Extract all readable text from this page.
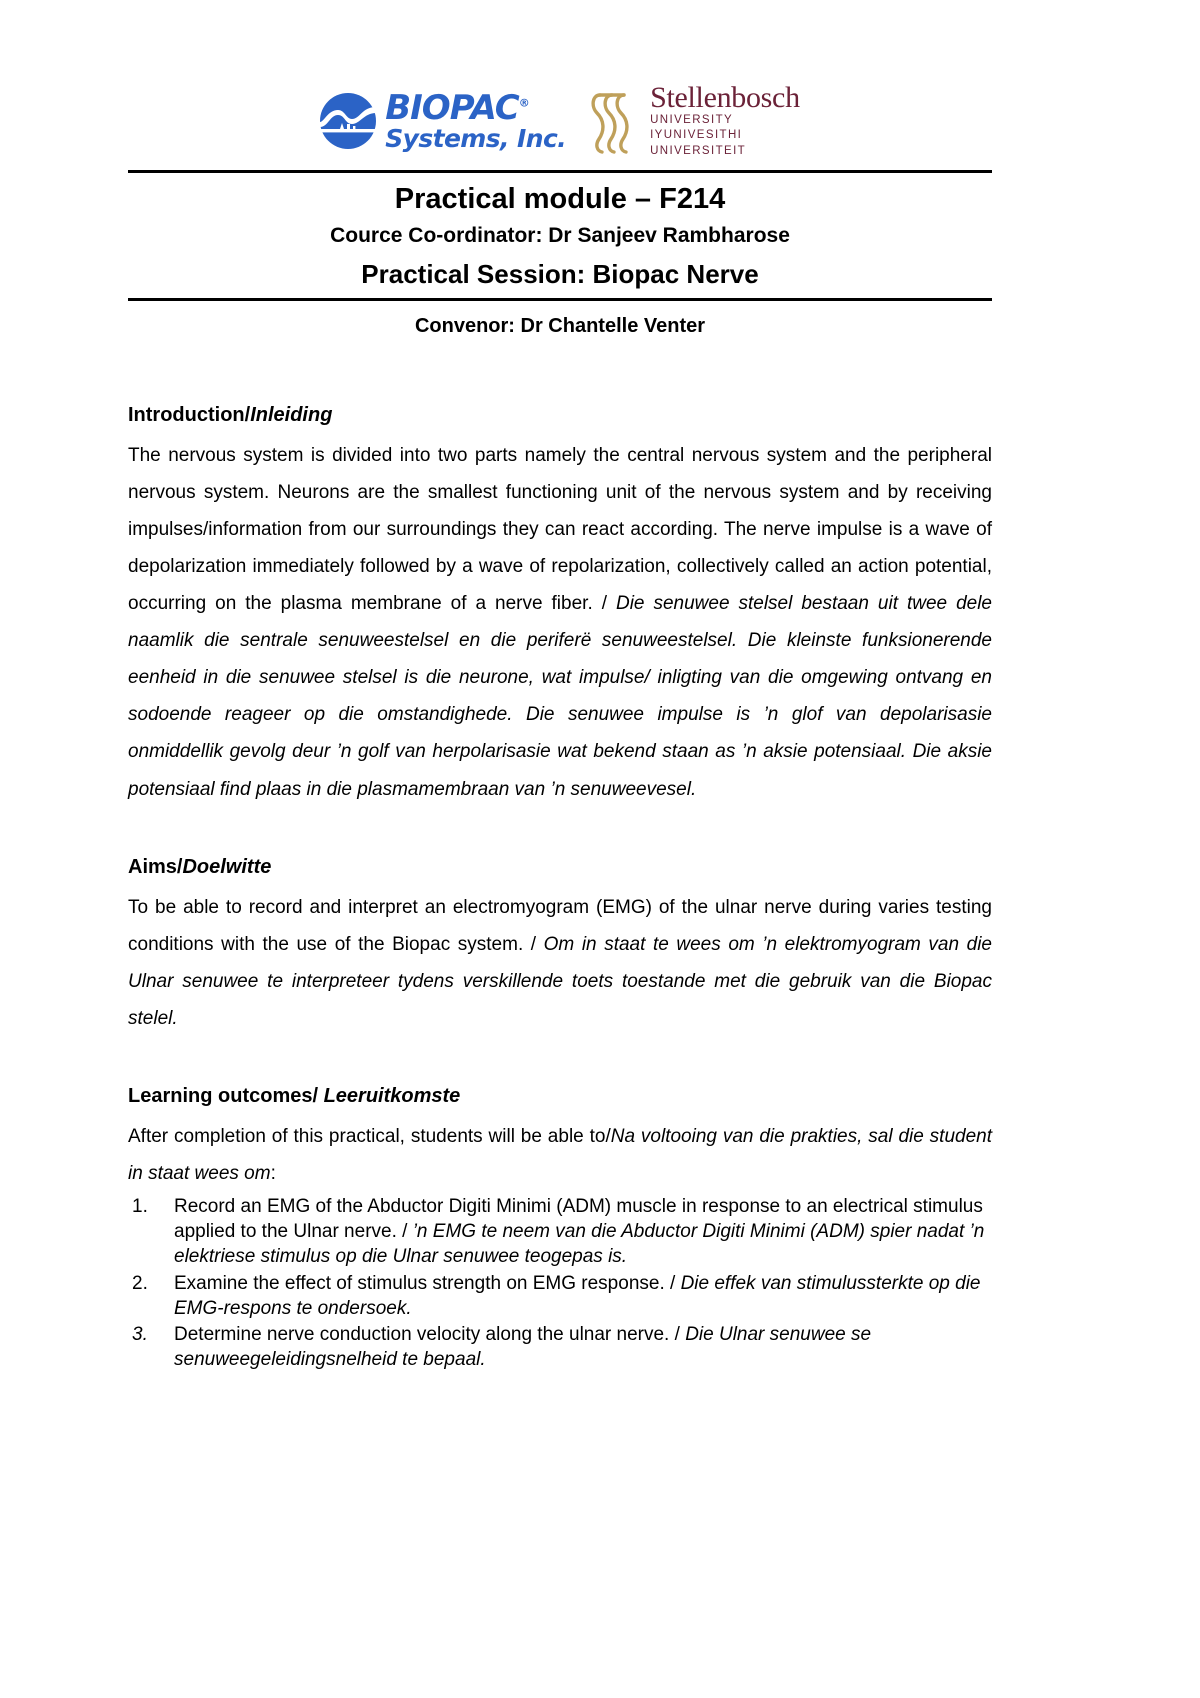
BIOPAC®
Systems, Inc.
Stellenbosch
UNIVERSITY
IYUNIVESITHI
UNIVERSITEIT
Practical module – F214
Cource Co-ordinator: Dr Sanjeev Rambharose
Practical Session: Biopac Nerve
Convenor: Dr Chantelle Venter
Introduction/Inleiding

The nervous system is divided into two parts namely the central nervous system and the peripheral nervous system. Neurons are the smallest functioning unit of the nervous system and by receiving impulses/information from our surroundings they can react according. The nerve impulse is a wave of depolarization immediately followed by a wave of repolarization, collectively called an action potential, occurring on the plasma membrane of a nerve fiber. / Die senuwee stelsel bestaan uit twee dele naamlik die sentrale senuweestelsel en die periferë senuweestelsel. Die kleinste funksionerende eenheid in die senuwee stelsel is die neurone, wat impulse/ inligting van die omgewing ontvang en sodoende reageer op die omstandighede. Die senuwee impulse is ’n glof van depolarisasie onmiddellik gevolg deur ’n golf van herpolarisasie wat bekend staan as ’n aksie potensiaal. Die aksie potensiaal find plaas in die plasmamembraan van ’n senuweevesel.

Aims/Doelwitte

To be able to record and interpret an electromyogram (EMG) of the ulnar nerve during varies testing conditions with the use of the Biopac system. / Om in staat te wees om ’n elektromyogram van die Ulnar senuwee te interpreteer tydens verskillende toets toestande met die gebruik van die Biopac stelel.

Learning outcomes/ Leeruitkomste

After completion of this practical, students will be able to/Na voltooing van die prakties, sal die student in staat wees om:

1.	Record an EMG of the Abductor Digiti Minimi (ADM) muscle in response to an electrical stimulus applied to the Ulnar nerve. / ’n EMG te neem van die Abductor Digiti Minimi (ADM) spier nadat ’n elektriese stimulus op die Ulnar senuwee teogepas is.
2.	Examine the effect of stimulus strength on EMG response. / Die effek van stimulussterkte op die EMG-respons te ondersoek.
3.	Determine nerve conduction velocity along the ulnar nerve. / Die Ulnar senuwee se senuweegeleidingsnelheid te bepaal.
